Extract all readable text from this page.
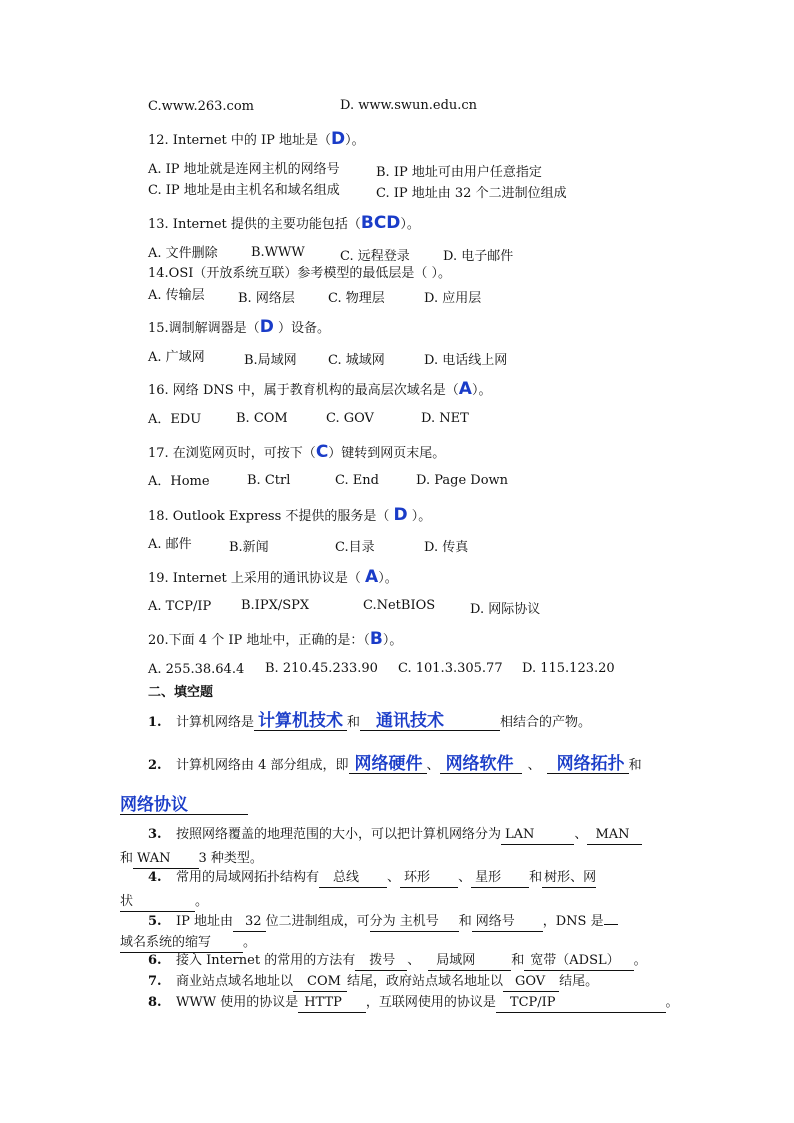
C.www.263.com	D. www.swun.edu.cn
12. Internet 中的 IP 地址是（D）。
A. IP 地址就是连网主机的网络号	B. IP 地址可由用户任意指定
C. IP 地址是由主机名和域名组成	C. IP 地址由 32 个二进制位组成
13. Internet 提供的主要功能包括（BCD）。
A. 文件删除	B.WWW	C. 远程登录	D. 电子邮件
14.OSI（开放系统互联）参考模型的最低层是（ ）。
A. 传输层	B. 网络层	C. 物理层	D. 应用层
15.调制解调器是（D ）设备。
A. 广域网	B.局域网 C. 城域网	D. 电话线上网
16. 网络 DNS 中，属于教育机构的最高层次域名是（A）。
A．EDU	B. COM	C. GOV	D. NET
17. 在浏览网页时，可按下（C）键转到网页末尾。
A．Home	B. Ctrl	C. End	D. Page Down
18. Outlook Express 不提供的服务是（ D ）。
A. 邮件	B.新闻	C.目录	D. 传真
19. Internet 上采用的通讯协议是（ A）。
A. TCP/IP B.IPX/SPX	C.NetBIOS	D. 网际协议
20.下面 4 个 IP 地址中，正确的是：（B）。
A. 255.38.64.4 B. 210.45.233.90 C. 101.3.305.77 D. 115.123.20
二、填空题
1. 计算机网络是 计算机技术 和 通讯技术	相结合的产物。
2. 计算机网络由 4 部分组成，即 网络硬件 、 网络软件 、 网络拓扑 和
网络协议
3. 按照网络覆盖的地理范围的大小，可以把计算机网络分为 LAN	、 MAN
和 WAN 3 种类型。
4. 常用的局域网拓扑结构有 总线 、 环形 、 星形 和 树形、网
状	。
5. IP 地址由 32 位二进制组成，可分为 主机号 和 网络号 ，DNS 是
域名系统的缩写 。
6. 接入 Internet 的常用的方法有 拨号 、 局域网	和 宽带（ADSL） 。
7. 商业站点域名地址以 COM 结尾，政府站点域名地址以 GOV 结尾。
8. WWW 使用的协议是 HTTP ，互联网使用的协议是 TCP/IP	。
